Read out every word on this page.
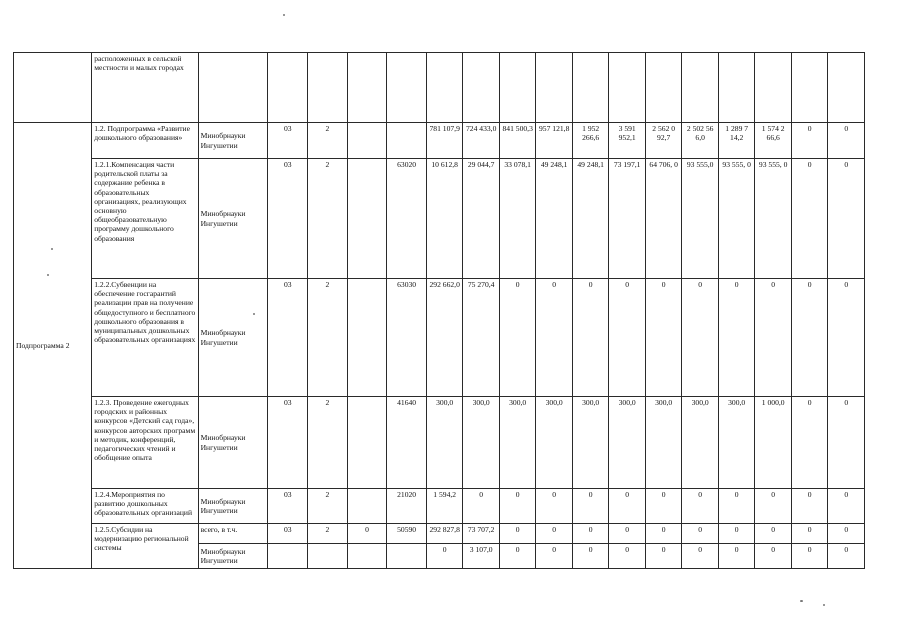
	расположенных в сельской местности и малых городах																	
Подпрограмма 2	1.2. Подпрограмма «Развитие дошкольного образования»	Минобрнауки Ингушетии	03	2			781 107,9	724 433,0	841 500,3	957 121,8	1 952 266,6	3 591 952,1	2 562 0 92,7	2 502 56 6,0	1 289 7 14,2	1 574 2 66,6	0	0
	1.2.1.Компенсация части родительской платы за содержание ребенка в образовательных организациях, реализующих основную общеобразовательную программу дошкольного образования	Минобрнауки Ингушетии	03	2		63020	10 612,8	29 044,7	33 078,1	49 248,1	49 248,1	73 197,1	64 706, 0	93 555,0	93 555, 0	93 555, 0	0	0
	1.2.2.Субвенции на обеспечение госгарантий реализации прав на получение общедоступного и бесплатного дошкольного образования в муниципальных дошкольных образовательных организациях	Минобрнауки Ингушетии	03	2		63030	292 662,0	75 270,4	0	0	0	0	0	0	0	0	0	0
	1.2.3. Проведение ежегодных городских и районных конкурсов «Детский сад года», конкурсов авторских программ и методик, конференций, педагогических чтений и обобщение опыта	Минобрнауки Ингушетии	03	2		41640	300,0	300,0	300,0	300,0	300,0	300,0	300,0	300,0	300,0	1 000,0	0	0
	1.2.4.Мероприятия по развитию дошкольных образовательных организаций	Минобрнауки Ингушетии	03	2		21020	1 594,2	0	0	0	0	0	0	0	0	0	0	0
	1.2.5.Субсидии на модернизацию региональной системы	всего, в т.ч.	03	2	0	50590	292 827,8	73 707,2	0	0	0	0	0	0	0	0	0	0
		Минобрнауки Ингушетии					0	3 107,0	0	0	0	0	0	0	0	0	0	0
